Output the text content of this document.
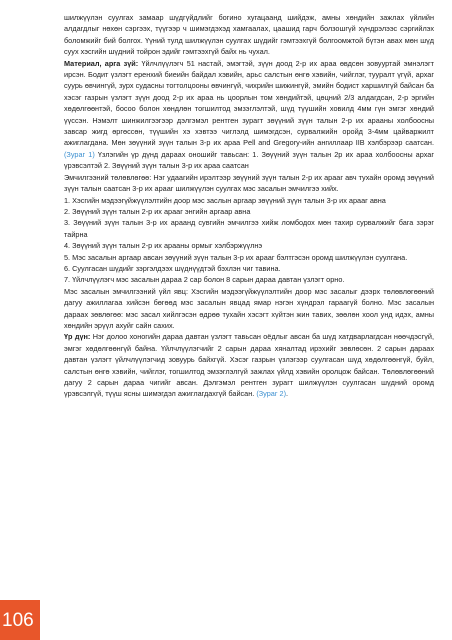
шилжүүлэн суулгах замаар шүдгүйдлийг богино хугацаанд шийдэж, амны хөндийн зажлах үйлийн алдагдлыг нөхөн сэргээх, түүгээр ч шимэгдэхэд хамгаалах, цаашид гарч болзошгүй хүндрэлээс сэргийлэх боломжийг бий болгох. Үүний тулд шилжүүлэн суулгах шүдийг гэмтээхгүй болгоомжтой бүтэн авах мөн шүд суух хэсгийн шүдний тойрон эдийг гэмтээхгүй байх нь чухал.

Материал, арга зүй: Үйлчлүүлэгч 51 настай, эмэгтэй, зүүн доод 2-р их араа өвдсөн зовууртай эмнэлэгт ирсэн. Бодит үзлэгт еренхий биеийн байдал хэвийн, арьс салстын өнгө хэвийн, чийглэг, тууралт үгүй, архаг суурь өвчингүй, зурх судасны тогтолцооны өвчингүй, чихрийн шижингүй, эмийн бодист харшилгүй байсан ба хэсэг газрын үзлэгт зүүн доод 2-р их араа нь цоорлын том хөндийтэй, цөцний 2/3 алдагдсан, 2-р эргийн хөдөлгөөнтэй, босоо болон хөндлөн тогшилтод эмзэглэлтэй, шүд түүшийн ховилд 4мм гүн эмгэг хөндий үүссэн. Нэмэлт шинжилгээгээр дэлгэмэл рентген зурагт зөүүний зүүн талын 2-р их арааны холбоосны завсар жигд өргөссөн, түүшийн хэ хэвтээ чиглэлд шимэгдсэн, сурвалжийн оройд 3-4мм цайваржилт ажиглагдана. Мөн зөүүний зүүн талын 3-р их араа Pell and Gregory-ийн ангиллаар IIB хэлбэрээр саатсан. (Зураг 1) Үзлэгийн үр дүнд дараах оношийг тавьсан: 1. Зөүүний зүүн талын 2р их араа холбоосны архаг үрэвсэлтэй 2. Зөүүний зүүн талын 3-р их араа саатсан

Эмчилгээний төлөвлөгөө: Нэг удаагийн ирэлтээр зөүүний зүүн талын 2-р их арааг авч тухайн оромд зөүүний зүүн талын саатсан 3-р их арааг шилжүүлэн суулгах мэс засалын эмчилгээ хийх.

1. Хэсгийн мэдээгүйжүүлэлтийн доор мэс заслын аргаар зөүүний зүүн талын 3-р их арааг авна

2. Зөүүний зүүн талын 2-р их арааг энгийн аргаар авна

3. Зөүүний зүүн талын 3-р их араанд сувгийн эмчилгээ хийж ломбодох мөн тахир сурвалжийг бага зэрэг тайрна

4. Зөүүний зүүн талын 2-р их арааны ормыг хэлбэржүүлнэ

5. Мэс засалын аргаар авсан зөүүний зүүн талын 3-р их арааг бэлтгэсэн оромд шилжүүлэн суулгана.

6. Суулгасан шүдийг зэргэлдээх шүднүүдтэй бэхлэн чиг тавина.

7. Үйлчлүүлэгч мэс засалын дараа 2 сар болон 8 сарын дараа давтан үзлэгт орно.

Мэс засалын эмчилгээний үйл явц: Хэсгийн мэдээгүйжүүлэлтийн доор мэс засалыг дээрх төлөвлөгөөний дагуу ажиллагаа хийсэн бөгөөд мэс засалын явцад ямар нэгэн хүндрэл гараагүй болно. Мэс засалын дараах зөвлөгөө: мэс засал хийлгэсэн өдрөө тухайн хэсэгт хүйтэн жин тавих, зөөлөн хоол унд идэх, амны хөндийн эрүүл ахуйг сайн сахих.

Үр дүн: Нэг долоо хоногийн дараа давтан үзлэгт тавьсан оёдлыг авсан ба шүд хатдварлагдсан нөөчдэсгүй, эмгэг хөдөлгөөнгүй байна. Үйлчлүүлэгчийг 2 сарын дараа хяналтад ирэхийг зөвлөсөн. 2 сарын дараах давтан үзлэгт үйлчлүүлэгчид зовуурь байхгүй. Хэсэг газрын үзлэгээр суулгасан шүд хөдөлгөөнгүй, буйл, салстын өнгө хэвийн, чийглэг, тогшилтод эмзэглэлгүй зажлах үйлд хэвийн оролцож байсан. Төлөвлөгөөний дагуу 2 сарын дараа чигийг авсан. Дэлгэмэл рентген зурагт шилжүүлэн суулгасан шүдний оромд үрэвсэлгүй, түүш ясны шимэгдэл ажиглагдахгүй байсан. (Зураг 2).

106
